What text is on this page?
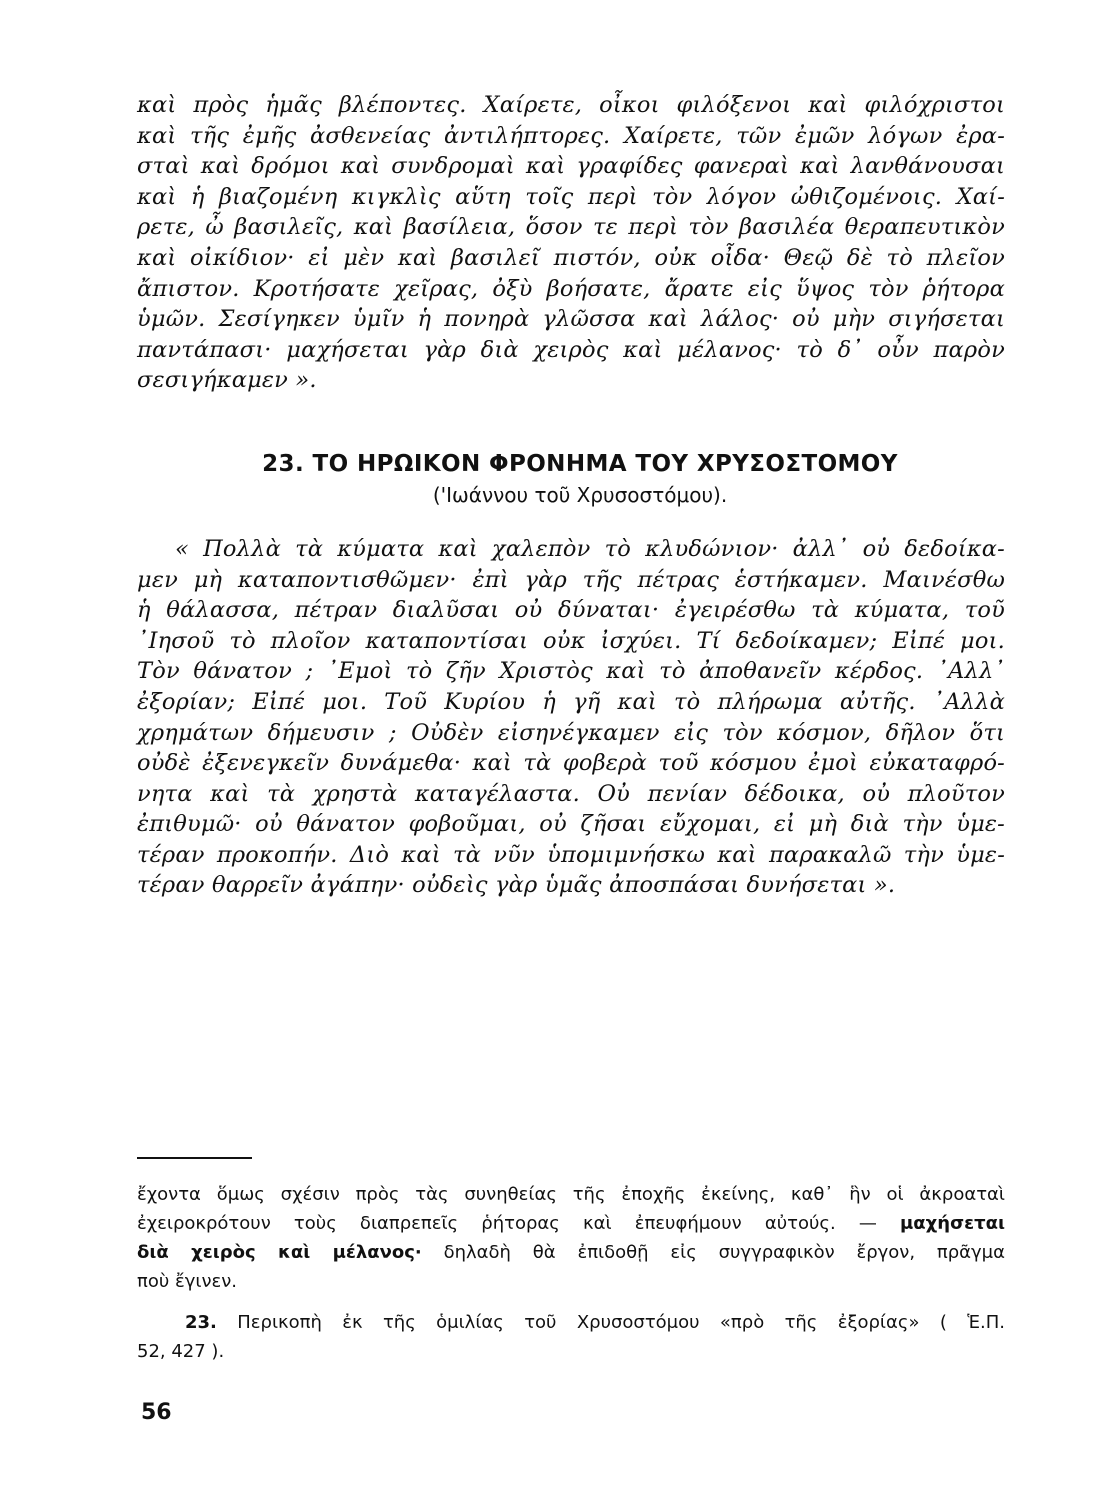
καὶ πρὸς ἡμᾶς βλέποντες. Χαίρετε, οἶκοι φιλόξενοι καὶ φιλόχριστοι
καὶ τῆς ἐμῆς ἀσθενείας ἀντιλήπτορες. Χαίρετε, τῶν ἐμῶν λόγων ἐρα-
σταὶ καὶ δρόμοι καὶ συνδρομαὶ καὶ γραφίδες φανεραὶ καὶ λανθάνουσαι
καὶ ἡ βιαζομένη κιγκλὶς αὕτη τοῖς περὶ τὸν λόγον ὠθιζομένοις. Χαί-
ρετε, ὦ βασιλεῖς, καὶ βασίλεια, ὅσον τε περὶ τὸν βασιλέα θεραπευτικὸν
καὶ οἰκίδιον· εἰ μὲν καὶ βασιλεῖ πιστόν, οὐκ οἶδα· Θεῷ δὲ τὸ πλεῖον
ἄπιστον. Κροτήσατε χεῖρας, ὀξὺ βοήσατε, ἄρατε εἰς ὕψος τὸν ῥήτορα
ὑμῶν. Σεσίγηκεν ὑμῖν ἡ πονηρὰ γλῶσσα καὶ λάλος· οὐ μὴν σιγήσεται
παντάπασι· μαχήσεται γὰρ διὰ χειρὸς καὶ μέλανος· τὸ δ᾽ οὖν παρὸν
σεσιγήκαμεν ».
23. ΤΟ ΗΡΩΙΚΟΝ ΦΡΟΝΗΜΑ ΤΟΥ ΧΡΥΣΟΣΤΟΜΟΥ
('Ιωάννου τοῦ Χρυσοστόμου).
« Πολλὰ τὰ κύματα καὶ χαλεπὸν τὸ κλυδώνιον· ἀλλ᾽ οὐ δεδοίκα-
μεν μὴ καταποντισθῶμεν· ἐπὶ γὰρ τῆς πέτρας ἑστήκαμεν. Μαινέσθω
ἡ θάλασσα, πέτραν διαλῦσαι οὐ δύναται· ἐγειρέσθω τὰ κύματα, τοῦ
᾽Ιησοῦ τὸ πλοῖον καταποντίσαι οὐκ ἰσχύει. Τί δεδοίκαμεν; Εἰπέ μοι.
Τὸν θάνατον ; ᾽Εμοὶ τὸ ζῆν Χριστὸς καὶ τὸ ἀποθανεῖν κέρδος. ᾽Αλλ᾽
ἐξορίαν; Εἰπέ μοι. Τοῦ Κυρίου ἡ γῆ καὶ τὸ πλήρωμα αὐτῆς. ᾽Αλλὰ
χρημάτων δήμευσιν ; Οὐδὲν εἰσηνέγκαμεν εἰς τὸν κόσμον, δῆλον ὅτι
οὐδὲ ἐξενεγκεῖν δυνάμεθα· καὶ τὰ φοβερὰ τοῦ κόσμου ἐμοὶ εὐκαταφρό-
νητα καὶ τὰ χρηστὰ καταγέλαστα. Οὐ πενίαν δέδοικα, οὐ πλοῦτον
ἐπιθυμῶ· οὐ θάνατον φοβοῦμαι, οὐ ζῆσαι εὔχομαι, εἰ μὴ διὰ τὴν ὑμε-
τέραν προκοπήν. Διὸ καὶ τὰ νῦν ὑπομιμνήσκω καὶ παρακαλῶ τὴν ὑμε-
τέραν θαρρεῖν ἀγάπην· οὐδεὶς γὰρ ὑμᾶς ἀποσπάσαι δυνήσεται ».
ἔχοντα ὅμως σχέσιν πρὸς τὰς συνηθείας τῆς ἐποχῆς ἐκείνης, καθ᾽ ἣν οἱ ἀκροαταὶ
ἐχειροκρότουν τοὺς διαπρεπεῖς ῥήτορας καὶ ἐπευφήμουν αὐτούς. — μαχήσεται
διὰ χειρὸς καὶ μέλανος· δηλαδὴ θὰ ἐπιδοθῇ εἰς συγγραφικὸν ἔργον, πρᾶγμα
ποὺ ἔγινεν.
23. Περικοπὴ ἐκ τῆς ὁμιλίας τοῦ Χρυσοστόμου «πρὸ τῆς ἐξορίας» ( Ἑ.Π.
52, 427 ).
56
